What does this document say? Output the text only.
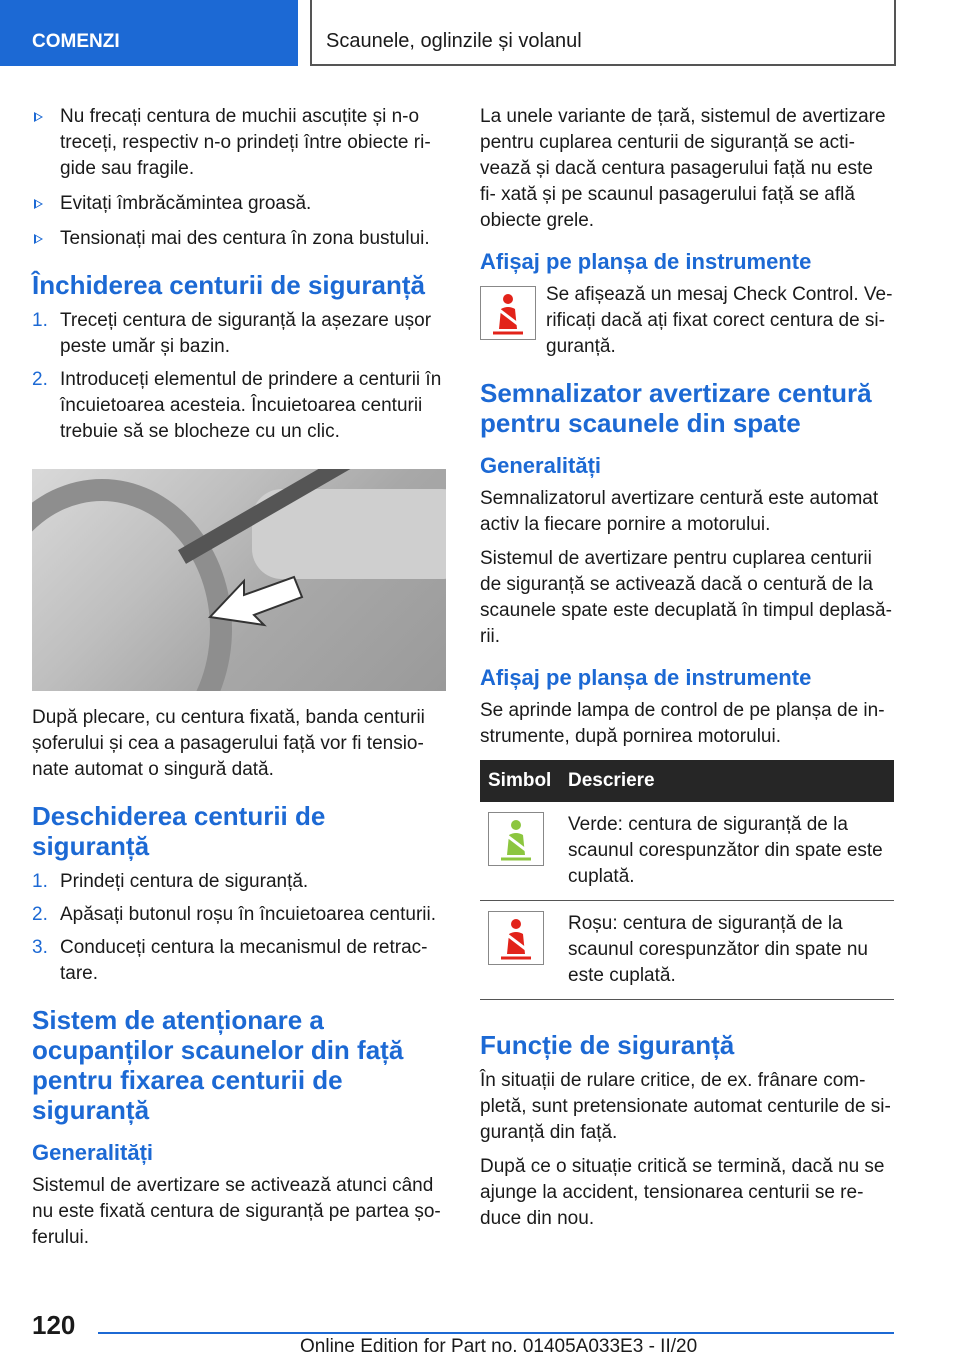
COMENZI	Scaunele, oglinzile și volanul
Nu frecați centura de muchii ascuțite și n-o treceți, respectiv n-o prindeți între obiecte ri- gide sau fragile.
Evitați îmbrăcămintea groasă.
Tensionați mai des centura în zona bustului.
Închiderea centurii de siguranță
1. Treceți centura de siguranță la așezare ușor peste umăr și bazin.
2. Introduceți elementul de prindere a centurii în încuietoarea acesteia. Încuietoarea centurii trebuie să se blocheze cu un clic.

După plecare, cu centura fixată, banda centurii șoferului și cea a pasagerului față vor fi tensio- nate automat o singură dată.

Deschiderea centurii de siguranță
1. Prindeți centura de siguranță.
2. Apăsați butonul roșu în încuietoarea centurii.
3. Conduceți centura la mecanismul de retrac- tare.
Sistem de atenționare a ocupanților scaunelor din față pentru fixarea centurii de siguranță
Generalități

Sistemul de avertizare se activează atunci când nu este fixată centura de siguranță pe partea șo- ferului.

La unele variante de țară, sistemul de avertizare pentru cuplarea centurii de siguranță se acti- vează și dacă centura pasagerului față nu este fi- xată și pe scaunul pasagerului față se află obiecte grele.

Afișaj pe planșa de instrumente

Se afișează un mesaj Check Control. Ve- rificați dacă ați fixat corect centura de si- guranță.

Semnalizator avertizare centură pentru scaunele din spate
Generalități

Semnalizatorul avertizare centură este automat activ la fiecare pornire a motorului.

Sistemul de avertizare pentru cuplarea centurii de siguranță se activează dacă o centură de la scaunele spate este decuplată în timpul deplasă- rii.

Afișaj pe planșa de instrumente

Se aprinde lampa de control de pe planșa de in- strumente, după pornirea motorului.

Simbol	Descriere

	Verde: centura de siguranță de la scaunul corespunzător din spate este cuplată.

	Roșu: centura de siguranță de la scaunul corespunzător din spate nu este cuplată.
Funcție de siguranță

În situații de rulare critice, de ex. frânare com- pletă, sunt pretensionate automat centurile de si- guranță din față.

După ce o situație critică se termină, dacă nu se ajunge la accident, tensionarea centurii se re- duce din nou.

120
Online Edition for Part no. 01405A033E3 - II/20
